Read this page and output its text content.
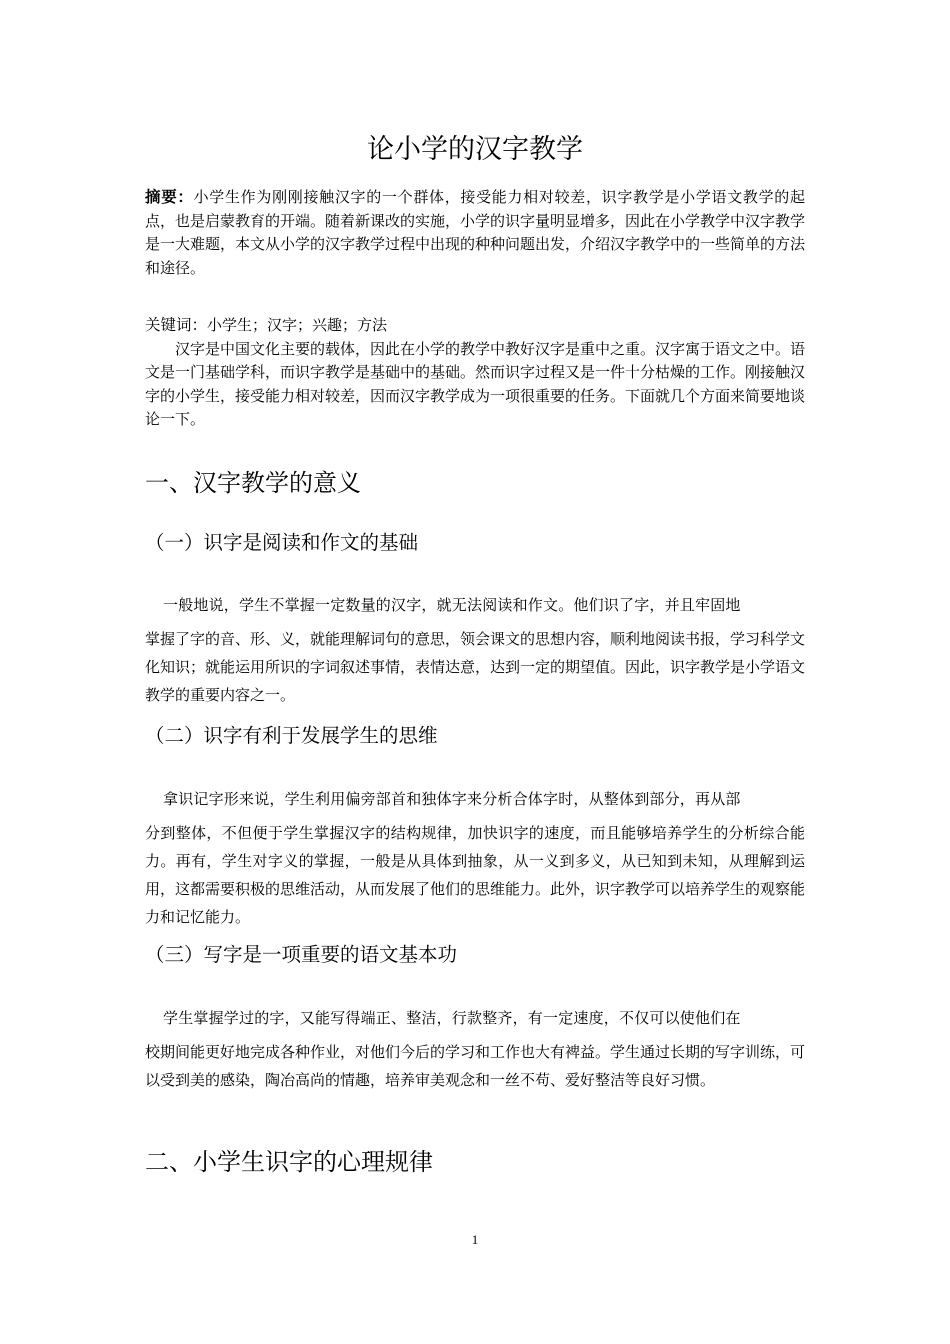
论小学的汉字教学
摘要：小学生作为刚刚接触汉字的一个群体，接受能力相对较差，识字教学是小学语文教学的起点，也是启蒙教育的开端。随着新课改的实施，小学的识字量明显增多，因此在小学教学中汉字教学是一大难题，本文从小学的汉字教学过程中出现的种种问题出发，介绍汉字教学中的一些简单的方法和途径。
关键词：小学生；汉字；兴趣；方法
汉字是中国文化主要的载体，因此在小学的教学中教好汉字是重中之重。汉字寓于语文之中。语文是一门基础学科，而识字教学是基础中的基础。然而识字过程又是一件十分枯燥的工作。刚接触汉字的小学生，接受能力相对较差，因而汉字教学成为一项很重要的任务。下面就几个方面来简要地谈论一下。
一、汉字教学的意义
（一）识字是阅读和作文的基础
一般地说，学生不掌握一定数量的汉字，就无法阅读和作文。他们识了字，并且牢固地
掌握了字的音、形、义，就能理解词句的意思，领会课文的思想内容，顺利地阅读书报，学习科学文化知识；就能运用所识的字词叙述事情，表情达意，达到一定的期望值。因此，识字教学是小学语文教学的重要内容之一。
（二）识字有利于发展学生的思维
拿识记字形来说，学生利用偏旁部首和独体字来分析合体字时，从整体到部分，再从部
分到整体，不但便于学生掌握汉字的结构规律，加快识字的速度，而且能够培养学生的分析综合能力。再有，学生对字义的掌握，一般是从具体到抽象，从一义到多义，从已知到未知，从理解到运用，这都需要积极的思维活动，从而发展了他们的思维能力。此外，识字教学可以培养学生的观察能力和记忆能力。
（三）写字是一项重要的语文基本功
学生掌握学过的字，又能写得端正、整洁，行款整齐，有一定速度，不仅可以使他们在
校期间能更好地完成各种作业，对他们今后的学习和工作也大有裨益。学生通过长期的写字训练，可以受到美的感染，陶冶高尚的情趣，培养审美观念和一丝不苟、爱好整洁等良好习惯。
二、小学生识字的心理规律
1
